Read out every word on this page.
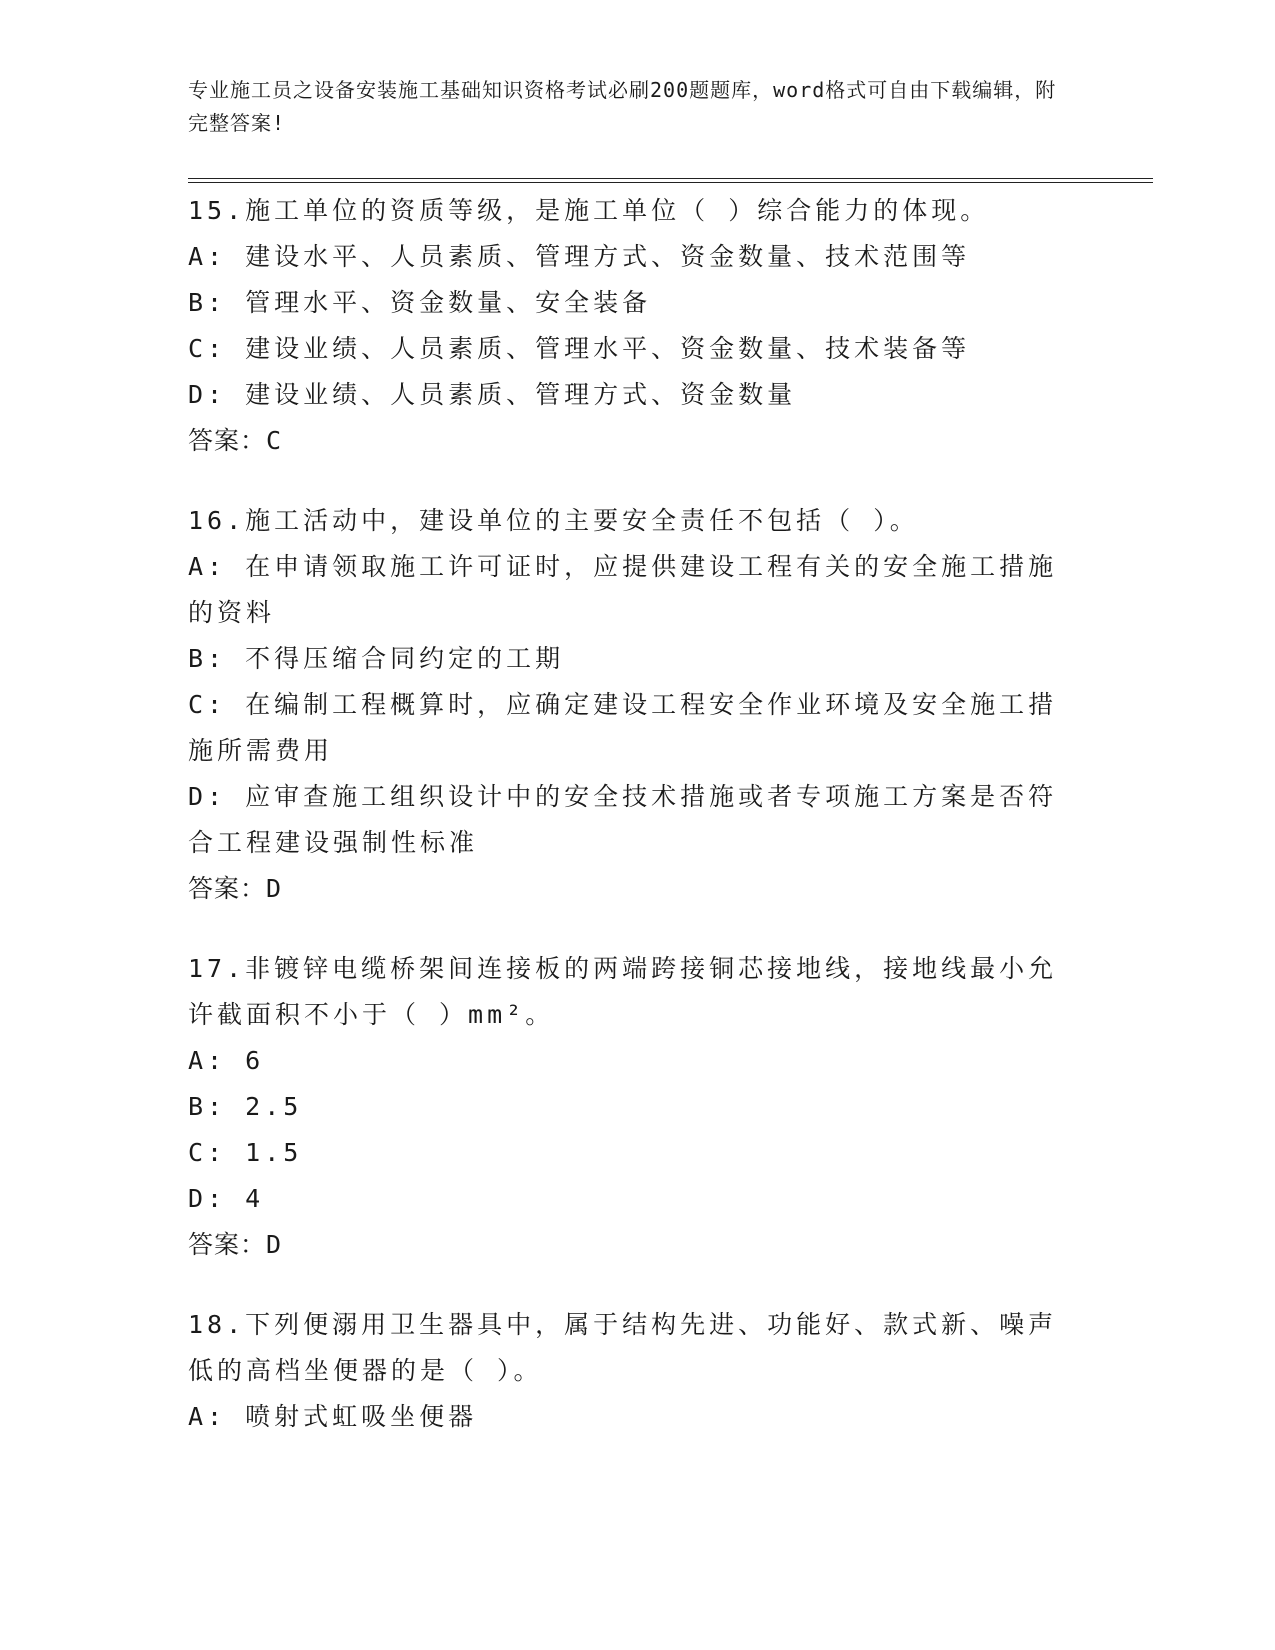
专业施工员之设备安装施工基础知识资格考试必刷200题题库，word格式可自由下载编辑，附完整答案!
15.施工单位的资质等级，是施工单位（ ）综合能力的体现。
A: 建设水平、人员素质、管理方式、资金数量、技术范围等
B: 管理水平、资金数量、安全装备
C: 建设业绩、人员素质、管理水平、资金数量、技术装备等
D: 建设业绩、人员素质、管理方式、资金数量
答案：C
16.施工活动中，建设单位的主要安全责任不包括（ ）。
A: 在申请领取施工许可证时，应提供建设工程有关的安全施工措施的资料
B: 不得压缩合同约定的工期
C: 在编制工程概算时，应确定建设工程安全作业环境及安全施工措施所需费用
D: 应审查施工组织设计中的安全技术措施或者专项施工方案是否符合工程建设强制性标准
答案：D
17.非镀锌电缆桥架间连接板的两端跨接铜芯接地线，接地线最小允许截面积不小于（ ）mm²。
A: 6
B: 2.5
C: 1.5
D: 4
答案：D
18.下列便溺用卫生器具中，属于结构先进、功能好、款式新、噪声低的高档坐便器的是（ ）。
A: 喷射式虹吸坐便器
